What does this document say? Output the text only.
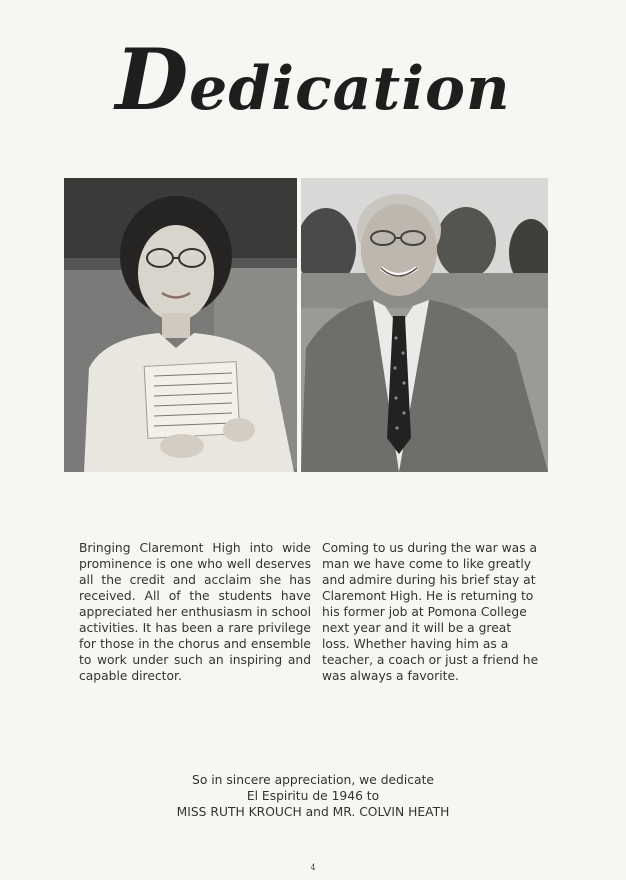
Dedication

Bringing Claremont High into wide prominence is one who well deserves all the credit and acclaim she has received. All of the students have appreciated her enthusiasm in school activities. It has been a rare privilege for those in the chorus and ensemble to work under such an inspiring and capable director.

Coming to us during the war was a man we have come to like greatly and admire during his brief stay at Claremont High. He is returning to his former job at Pomona College next year and it will be a great loss. Whether having him as a teacher, a coach or just a friend he was always a favorite.

So in sincere appreciation, we dedicate
El Espiritu de 1946 to
MISS RUTH KROUCH and MR. COLVIN HEATH
4
